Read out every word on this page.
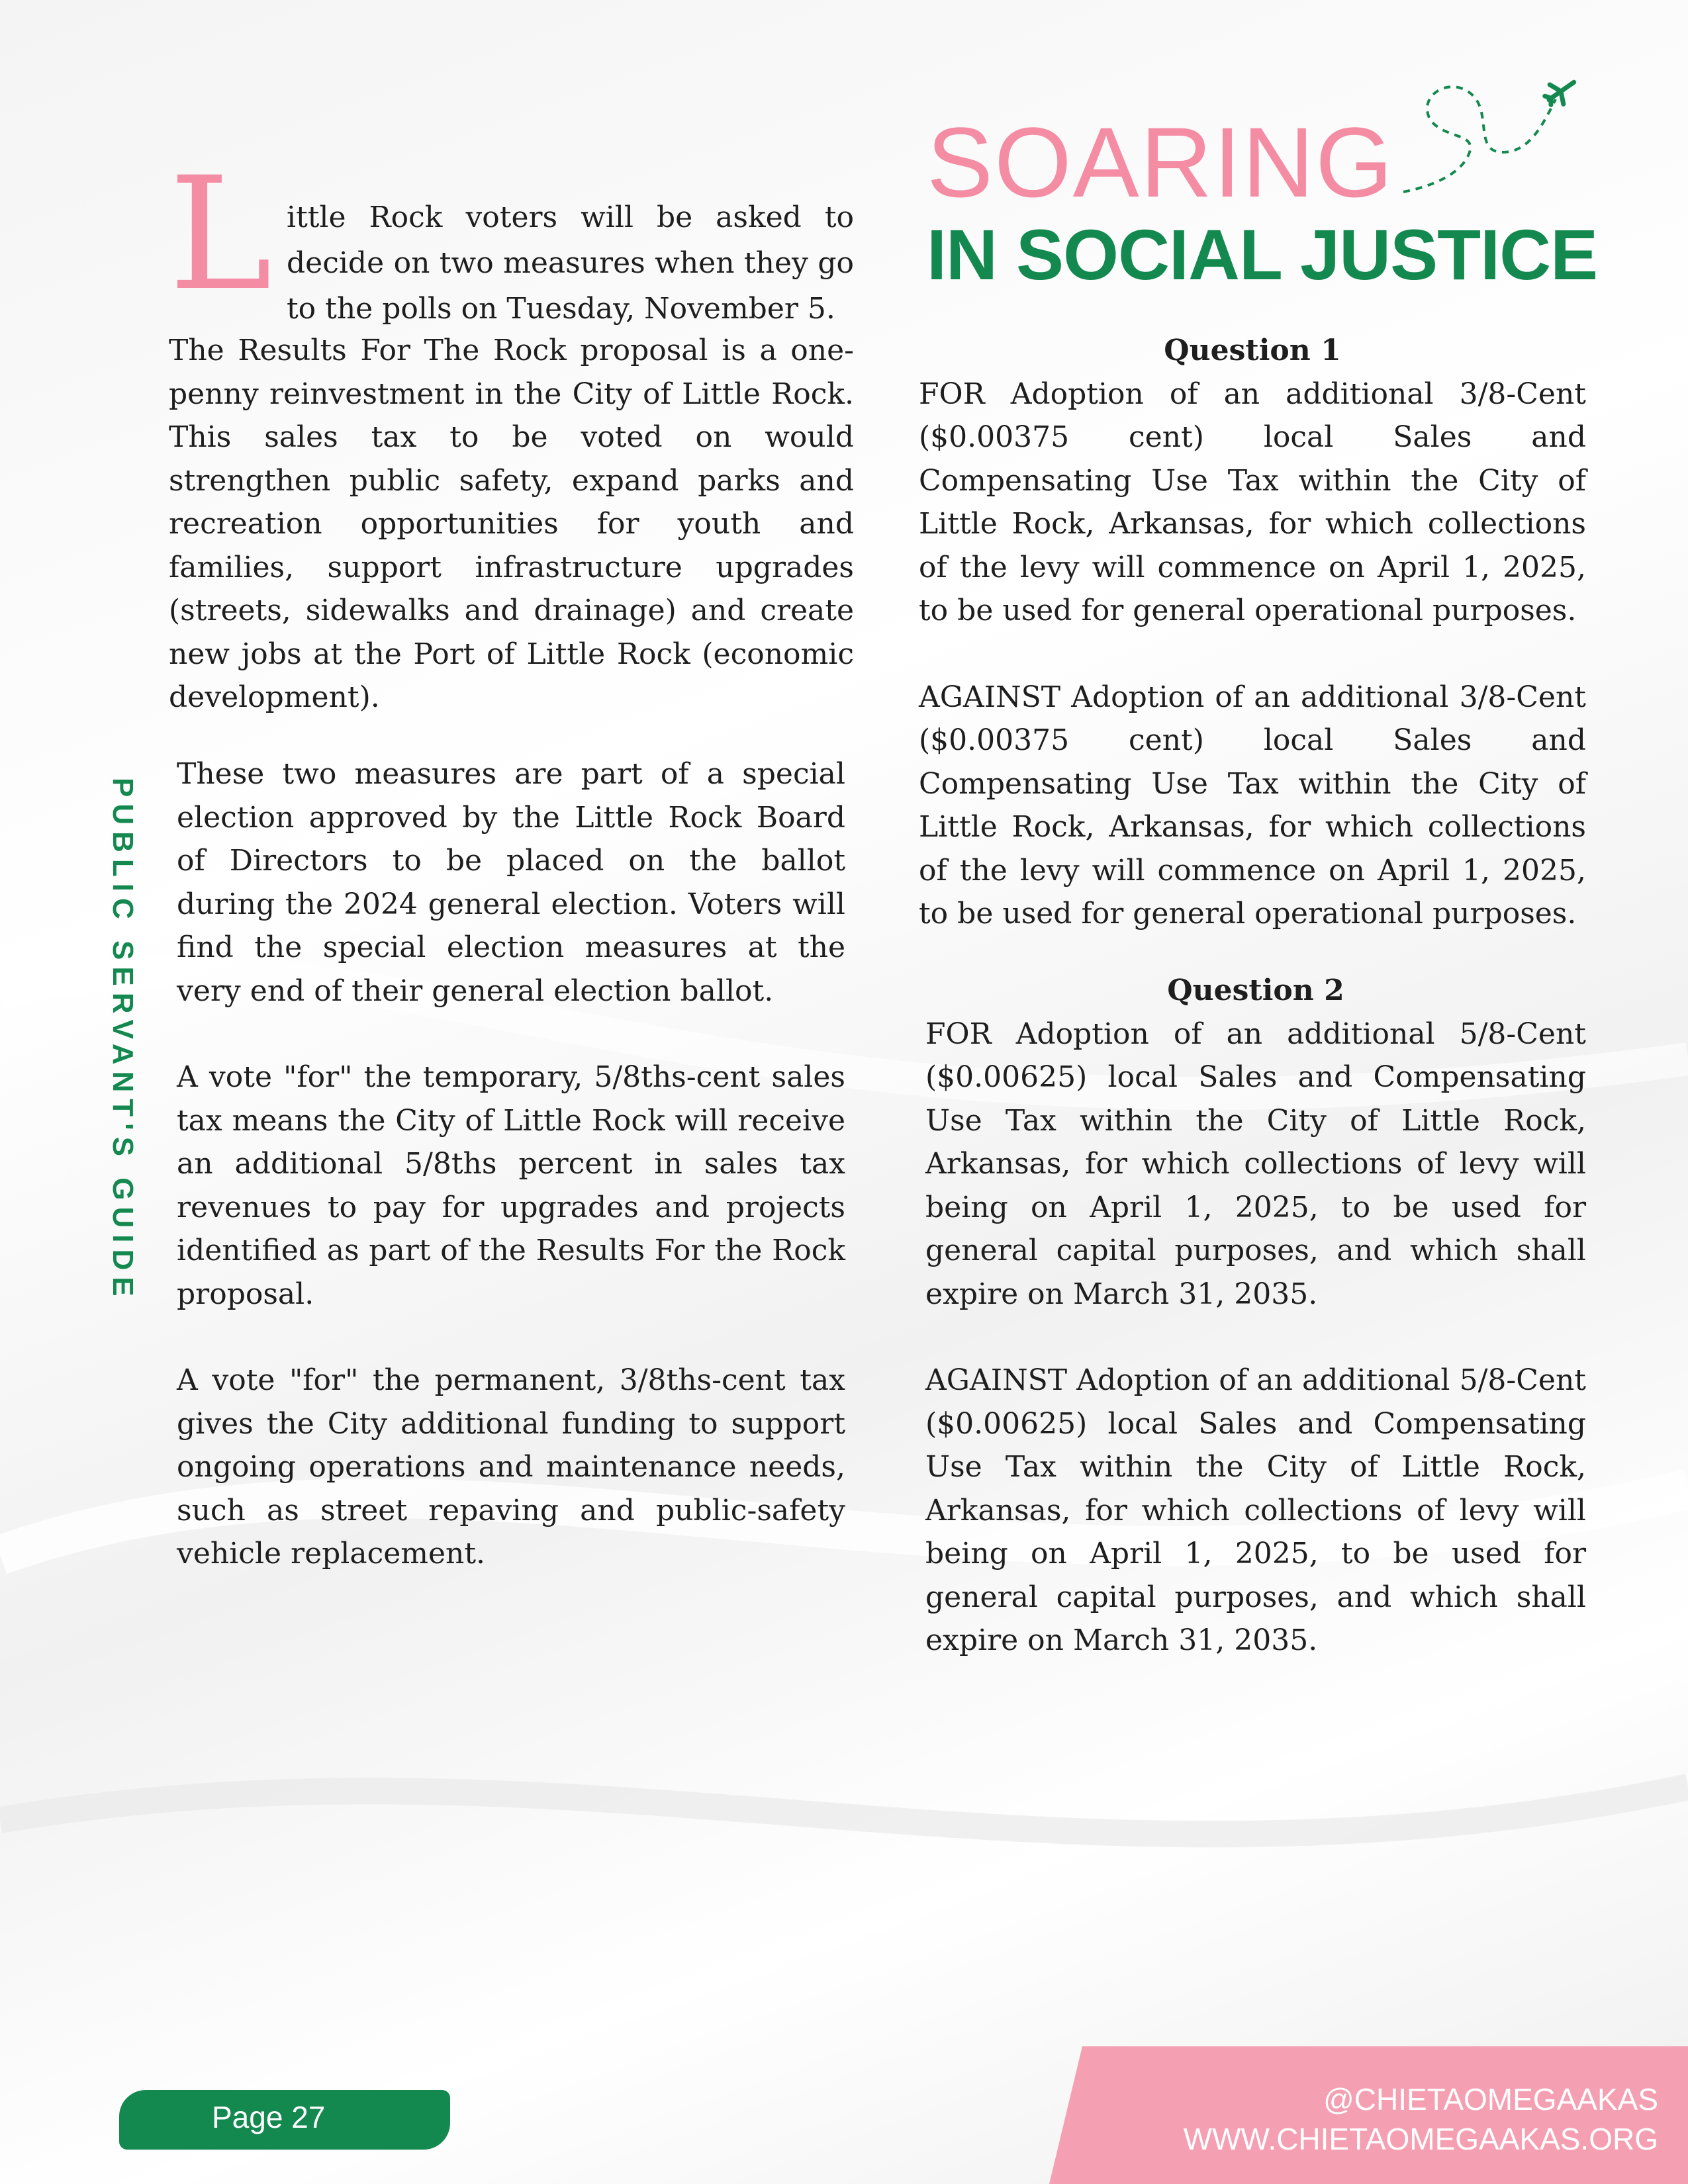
SOARING
IN SOCIAL JUSTICE
PUBLIC SERVANT'S GUIDE
L ittle Rock voters will be asked to decide on two measures when they go to the polls on Tuesday, November 5.

The Results For The Rock proposal is a one-penny reinvestment in the City of Little Rock. This sales tax to be voted on would strengthen public safety, expand parks and recreation opportunities for youth and families, support infrastructure upgrades (streets, sidewalks and drainage) and create new jobs at the Port of Little Rock (economic development).

These two measures are part of a special election approved by the Little Rock Board of Directors to be placed on the ballot during the 2024 general election. Voters will find the special election measures at the very end of their general election ballot.

A vote "for" the temporary, 5/8ths-cent sales tax means the City of Little Rock will receive an additional 5/8ths percent in sales tax revenues to pay for upgrades and projects identified as part of the Results For the Rock proposal.

A vote "for" the permanent, 3/8ths-cent tax gives the City additional funding to support ongoing operations and maintenance needs, such as street repaving and public-safety vehicle replacement.

Question 1

FOR Adoption of an additional 3/8-Cent ($0.00375 cent) local Sales and Compensating Use Tax within the City of Little Rock, Arkansas, for which collections of the levy will commence on April 1, 2025, to be used for general operational purposes.

AGAINST Adoption of an additional 3/8-Cent ($0.00375 cent) local Sales and Compensating Use Tax within the City of Little Rock, Arkansas, for which collections of the levy will commence on April 1, 2025, to be used for general operational purposes.

Question 2

FOR Adoption of an additional 5/8-Cent ($0.00625) local Sales and Compensating Use Tax within the City of Little Rock, Arkansas, for which collections of levy will being on April 1, 2025, to be used for general capital purposes, and which shall expire on March 31, 2035.

AGAINST Adoption of an additional 5/8-Cent ($0.00625) local Sales and Compensating Use Tax within the City of Little Rock, Arkansas, for which collections of levy will being on April 1, 2025, to be used for general capital purposes, and which shall expire on March 31, 2035.

Page 27
@CHIETAOMEGAAKAS
WWW.CHIETAOMEGAAKAS.ORG
